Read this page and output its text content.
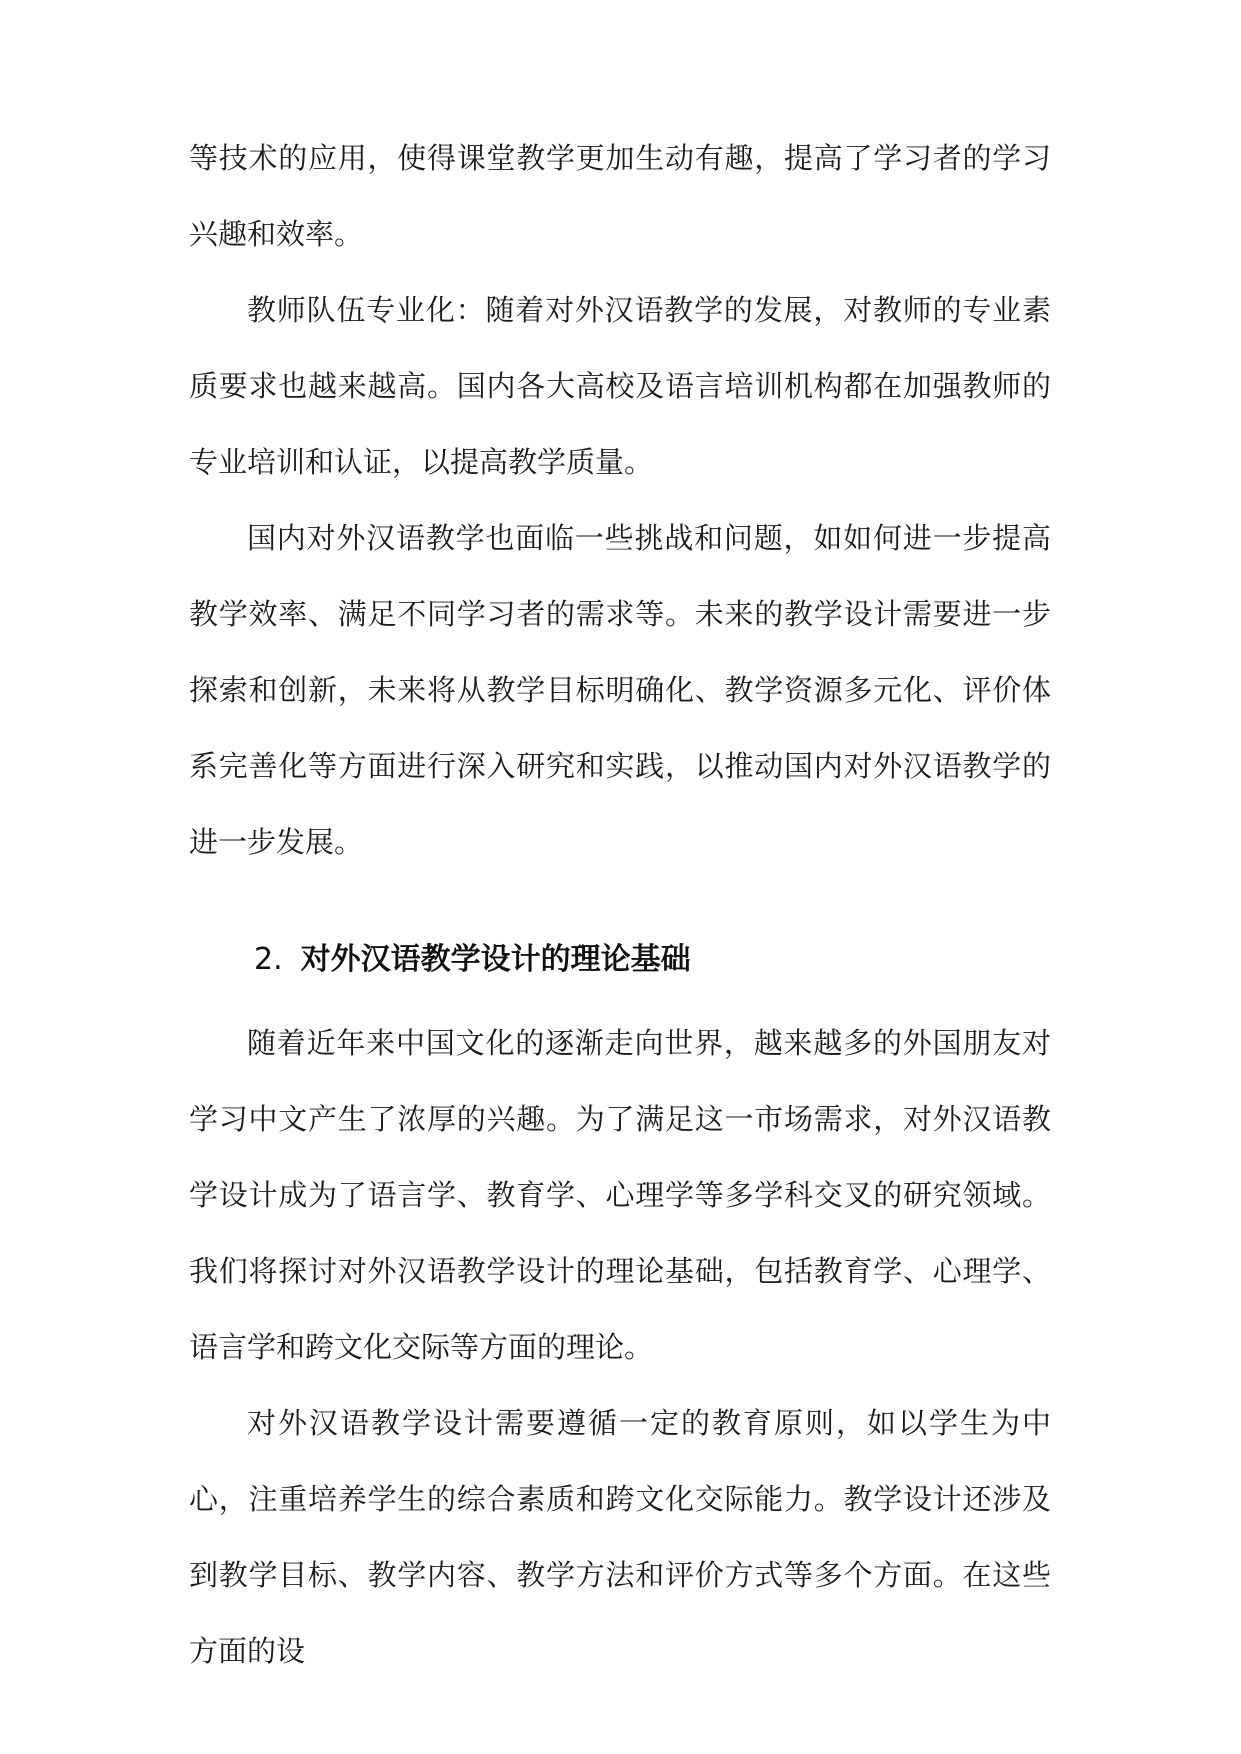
等技术的应用，使得课堂教学更加生动有趣，提高了学习者的学习兴趣和效率。

教师队伍专业化：随着对外汉语教学的发展，对教师的专业素质要求也越来越高。国内各大高校及语言培训机构都在加强教师的专业培训和认证，以提高教学质量。

国内对外汉语教学也面临一些挑战和问题，如如何进一步提高教学效率、满足不同学习者的需求等。未来的教学设计需要进一步探索和创新，未来将从教学目标明确化、教学资源多元化、评价体系完善化等方面进行深入研究和实践，以推动国内对外汉语教学的进一步发展。

2. 对外汉语教学设计的理论基础

随着近年来中国文化的逐渐走向世界，越来越多的外国朋友对学习中文产生了浓厚的兴趣。为了满足这一市场需求，对外汉语教学设计成为了语言学、教育学、心理学等多学科交叉的研究领域。我们将探讨对外汉语教学设计的理论基础，包括教育学、心理学、语言学和跨文化交际等方面的理论。

对外汉语教学设计需要遵循一定的教育原则，如以学生为中心，注重培养学生的综合素质和跨文化交际能力。教学设计还涉及到教学目标、教学内容、教学方法和评价方式等多个方面。在这些方面的设
